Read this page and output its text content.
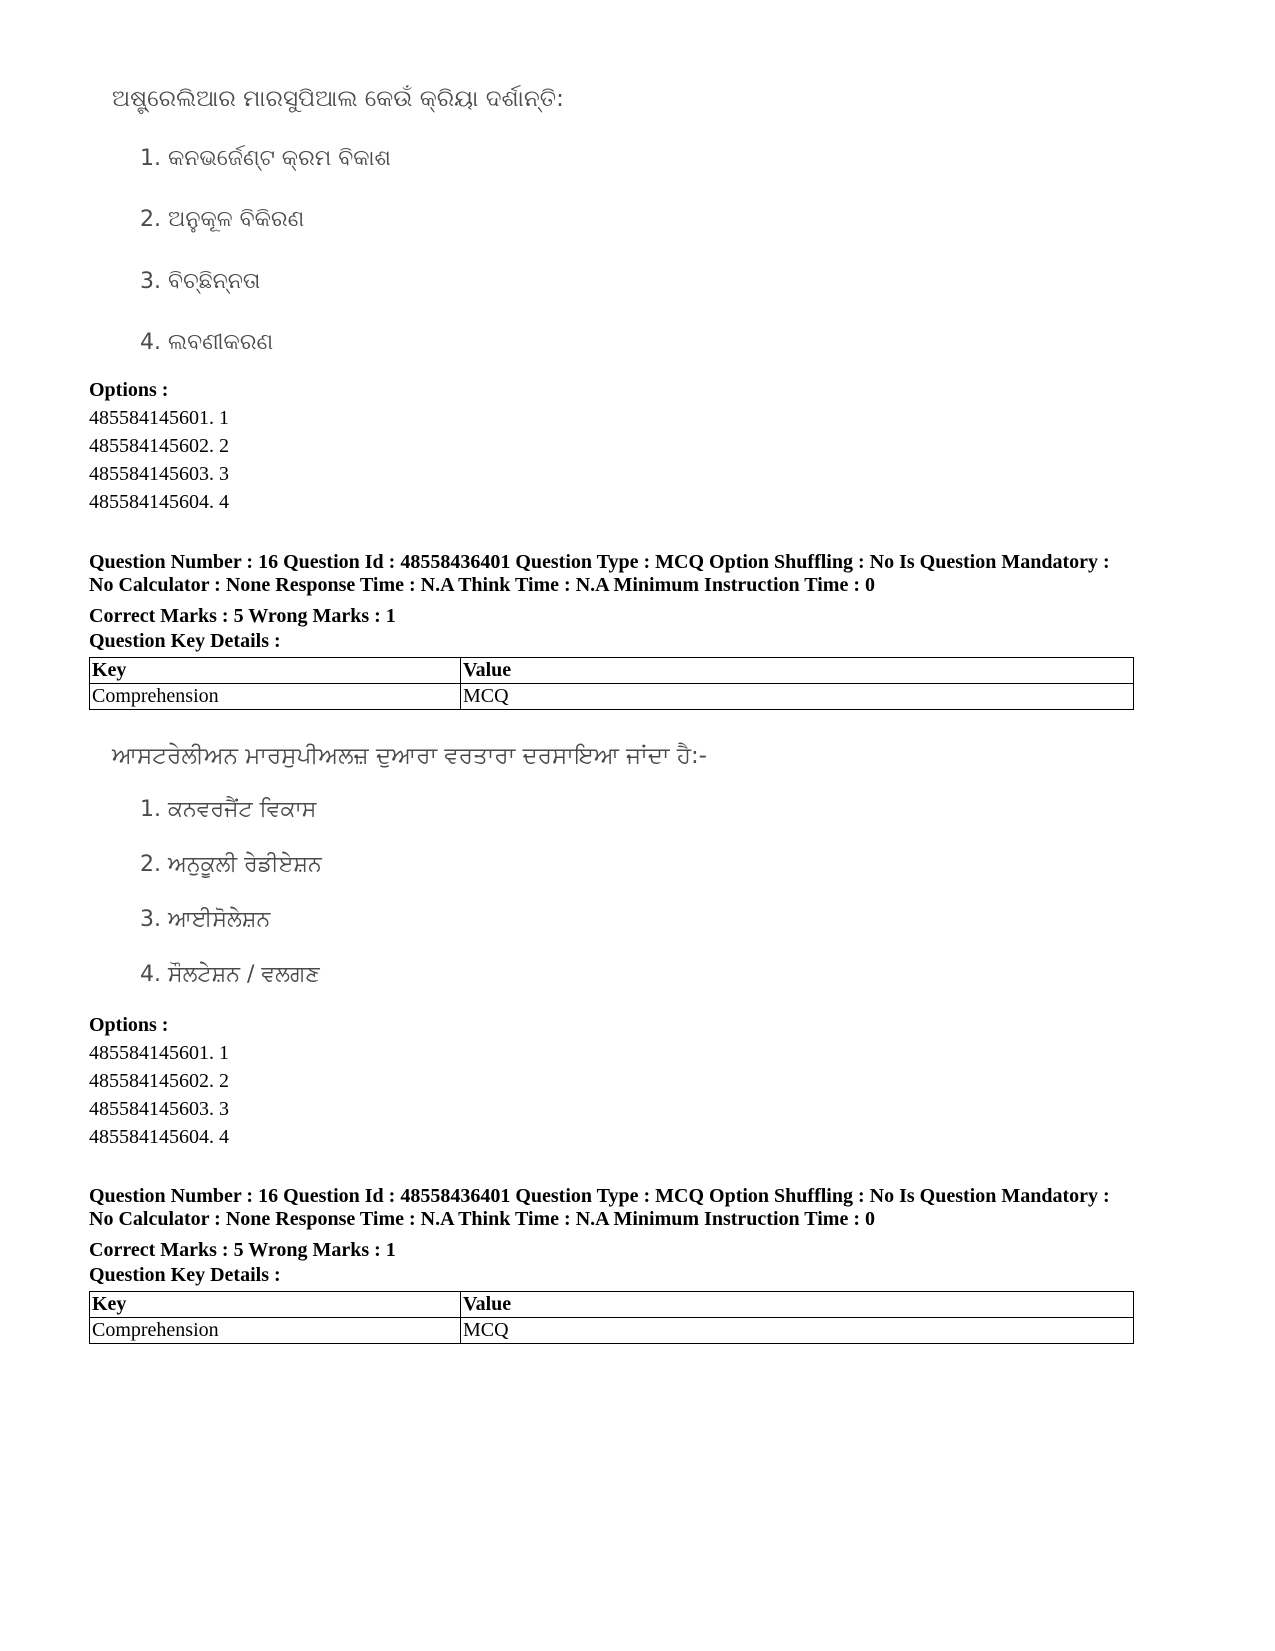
ଅଷ୍ଟ୍ରେଲିଆର ମାରସୁପିଆଲ କେଉଁ କ୍ରିୟା ଦର୍ଶାନ୍ତି:
1. କନଭର୍ଜେଣ୍ଟ କ୍ରମ ବିକାଶ
2. ଅନୁକୂଳ ବିକିରଣ
3. ବିଚ୍ଛିନ୍ନତା
4. ଲବଣୀକରଣ
Options :
485584145601. 1
485584145602. 2
485584145603. 3
485584145604. 4
Question Number : 16 Question Id : 48558436401 Question Type : MCQ Option Shuffling : No Is Question Mandatory :
No Calculator : None Response Time : N.A Think Time : N.A Minimum Instruction Time : 0
Correct Marks : 5 Wrong Marks : 1
Question Key Details :
Key	Value
Comprehension	MCQ
ਆਸਟਰੇਲੀਅਨ ਮਾਰਸੁਪੀਅਲਜ਼ ਦੁਆਰਾ ਵਰਤਾਰਾ ਦਰਸਾਇਆ ਜਾਂਦਾ ਹੈ:-
1. ਕਨਵਰਜੈਂਟ ਵਿਕਾਸ
2. ਅਨੁਕੂਲੀ ਰੇਡੀਏਸ਼ਨ
3. ਆਈਸੋਲੇਸ਼ਨ
4. ਸੌਲਟੇਸ਼ਨ / ਵਲਗਣ
Options :
485584145601. 1
485584145602. 2
485584145603. 3
485584145604. 4
Question Number : 16 Question Id : 48558436401 Question Type : MCQ Option Shuffling : No Is Question Mandatory :
No Calculator : None Response Time : N.A Think Time : N.A Minimum Instruction Time : 0
Correct Marks : 5 Wrong Marks : 1
Question Key Details :
Key	Value
Comprehension	MCQ
